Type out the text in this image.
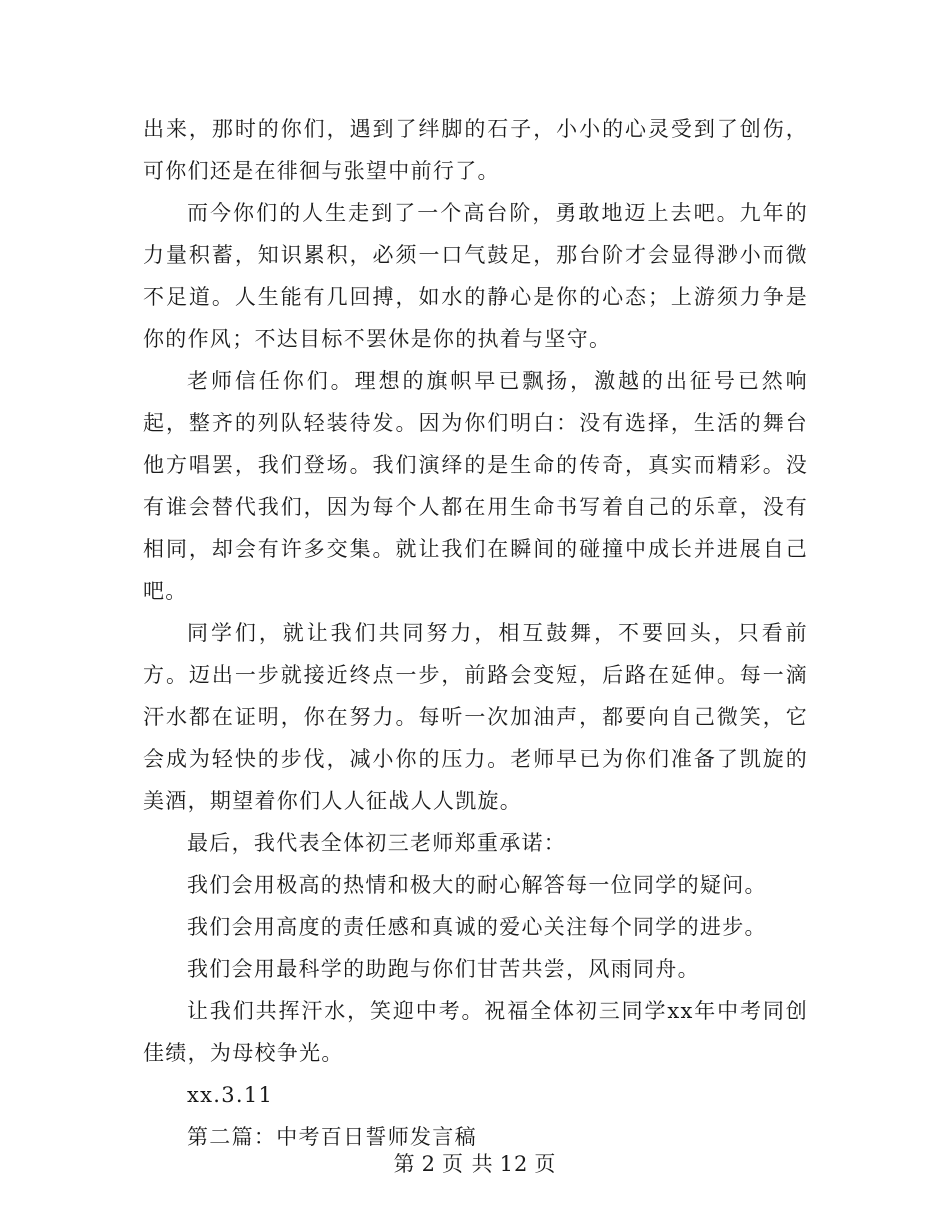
出来，那时的你们，遇到了绊脚的石子，小小的心灵受到了创伤，可你们还是在徘徊与张望中前行了。

而今你们的人生走到了一个高台阶，勇敢地迈上去吧。九年的力量积蓄，知识累积，必须一口气鼓足，那台阶才会显得渺小而微不足道。人生能有几回搏，如水的静心是你的心态；上游须力争是你的作风；不达目标不罢休是你的执着与坚守。

老师信任你们。理想的旗帜早已飘扬，激越的出征号已然响起，整齐的列队轻装待发。因为你们明白：没有选择，生活的舞台他方唱罢，我们登场。我们演绎的是生命的传奇，真实而精彩。没有谁会替代我们，因为每个人都在用生命书写着自己的乐章，没有相同，却会有许多交集。就让我们在瞬间的碰撞中成长并进展自己吧。

同学们，就让我们共同努力，相互鼓舞，不要回头，只看前方。迈出一步就接近终点一步，前路会变短，后路在延伸。每一滴汗水都在证明，你在努力。每听一次加油声，都要向自己微笑，它会成为轻快的步伐，减小你的压力。老师早已为你们准备了凯旋的美酒，期望着你们人人征战人人凯旋。

最后，我代表全体初三老师郑重承诺：

我们会用极高的热情和极大的耐心解答每一位同学的疑问。

我们会用高度的责任感和真诚的爱心关注每个同学的进步。

我们会用最科学的助跑与你们甘苦共尝，风雨同舟。

让我们共挥汗水，笑迎中考。祝福全体初三同学xx年中考同创佳绩，为母校争光。

xx.3.11

第二篇：中考百日誓师发言稿

第 2 页 共 12 页
